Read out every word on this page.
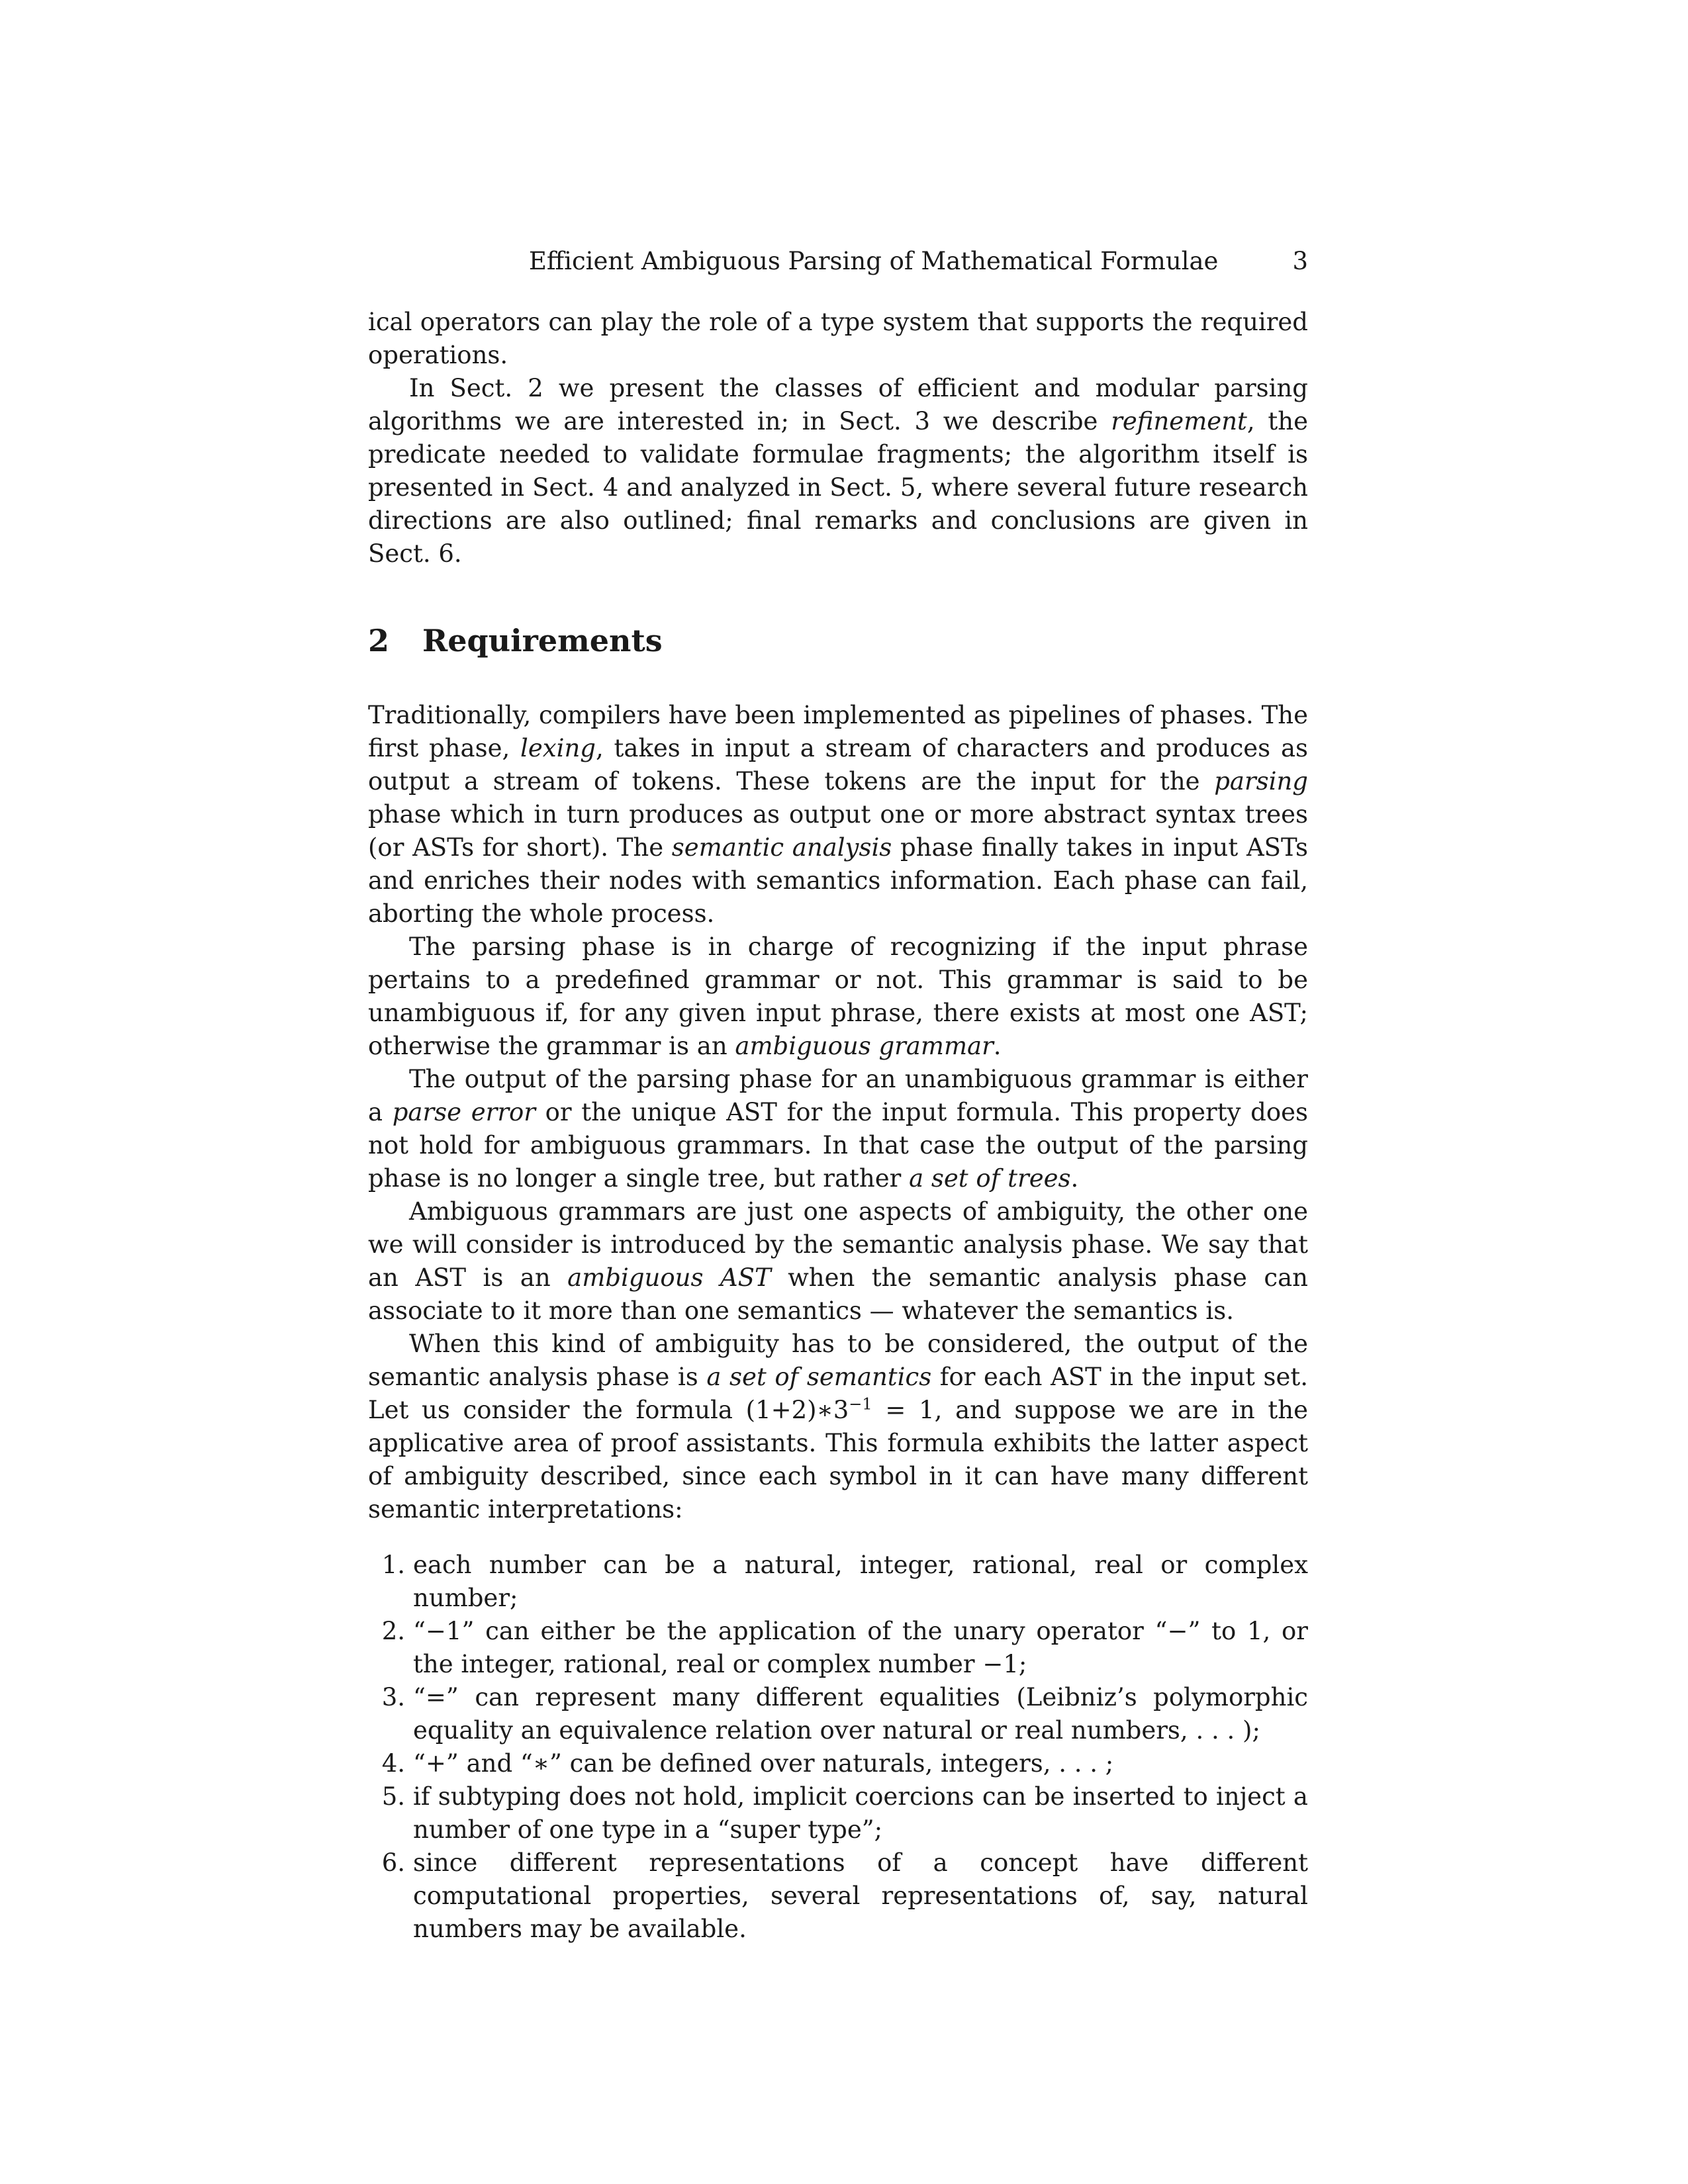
Efficient Ambiguous Parsing of Mathematical Formulae	3

ical operators can play the role of a type system that supports the required operations.

In Sect. 2 we present the classes of efficient and modular parsing algorithms we are interested in; in Sect. 3 we describe refinement, the predicate needed to validate formulae fragments; the algorithm itself is presented in Sect. 4 and analyzed in Sect. 5, where several future research directions are also outlined; final remarks and conclusions are given in Sect. 6.

2	Requirements

Traditionally, compilers have been implemented as pipelines of phases. The first phase, lexing, takes in input a stream of characters and produces as output a stream of tokens. These tokens are the input for the parsing phase which in turn produces as output one or more abstract syntax trees (or ASTs for short). The semantic analysis phase finally takes in input ASTs and enriches their nodes with semantics information. Each phase can fail, aborting the whole process.

The parsing phase is in charge of recognizing if the input phrase pertains to a predefined grammar or not. This grammar is said to be unambiguous if, for any given input phrase, there exists at most one AST; otherwise the grammar is an ambiguous grammar.

The output of the parsing phase for an unambiguous grammar is either a parse error or the unique AST for the input formula. This property does not hold for ambiguous grammars. In that case the output of the parsing phase is no longer a single tree, but rather a set of trees.

Ambiguous grammars are just one aspects of ambiguity, the other one we will consider is introduced by the semantic analysis phase. We say that an AST is an ambiguous AST when the semantic analysis phase can associate to it more than one semantics — whatever the semantics is.

When this kind of ambiguity has to be considered, the output of the semantic analysis phase is a set of semantics for each AST in the input set. Let us consider the formula $(1+2)∗3^{-1} = 1$, and suppose we are in the applicative area of proof assistants. This formula exhibits the latter aspect of ambiguity described, since each symbol in it can have many different semantic interpretations:

1. each number can be a natural, integer, rational, real or complex number;
2. “−1” can either be the application of the unary operator “−” to 1, or the integer, rational, real or complex number −1;
3. “=” can represent many different equalities (Leibniz’s polymorphic equality an equivalence relation over natural or real numbers, . . . );
4. “+” and “∗” can be defined over naturals, integers, . . . ;
5. if subtyping does not hold, implicit coercions can be inserted to inject a number of one type in a “super type”;
6. since different representations of a concept have different computational properties, several representations of, say, natural numbers may be available.
